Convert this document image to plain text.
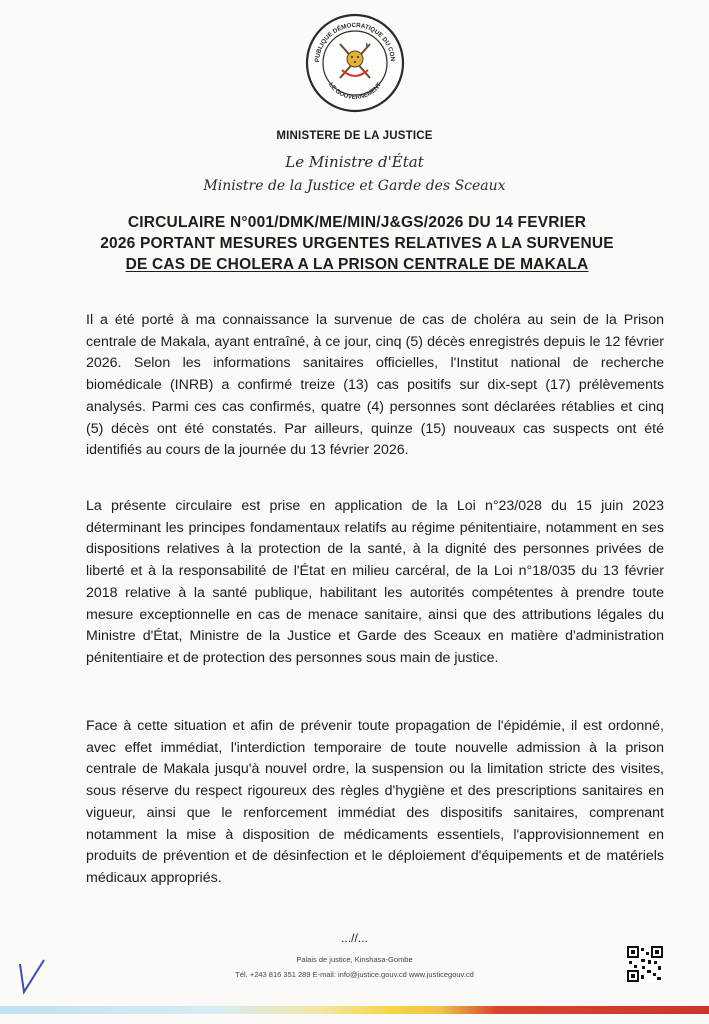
PUBLIQUE DÉMOCRATIQUE DU CON
LE GOUVERNEMENT
MINISTERE DE LA JUSTICE
Le Ministre d'État
Ministre de la Justice et Garde des Sceaux
CIRCULAIRE N°001/DMK/ME/MIN/J&GS/2026 DU 14 FEVRIER
2026 PORTANT MESURES URGENTES RELATIVES A LA SURVENUE
DE CAS DE CHOLERA A LA PRISON CENTRALE DE MAKALA
Il a été porté à ma connaissance la survenue de cas de choléra au sein de la Prison centrale de Makala, ayant entraîné, à ce jour, cinq (5) décès enregistrés depuis le 12 février 2026. Selon les informations sanitaires officielles, l'Institut national de recherche biomédicale (INRB) a confirmé treize (13) cas positifs sur dix-sept (17) prélèvements analysés. Parmi ces cas confirmés, quatre (4) personnes sont déclarées rétablies et cinq (5) décès ont été constatés. Par ailleurs, quinze (15) nouveaux cas suspects ont été identifiés au cours de la journée du 13 février 2026.
La présente circulaire est prise en application de la Loi n°23/028 du 15 juin 2023 déterminant les principes fondamentaux relatifs au régime pénitentiaire, notamment en ses dispositions relatives à la protection de la santé, à la dignité des personnes privées de liberté et à la responsabilité de l'État en milieu carcéral, de la Loi n°18/035 du 13 février 2018 relative à la santé publique, habilitant les autorités compétentes à prendre toute mesure exceptionnelle en cas de menace sanitaire, ainsi que des attributions légales du Ministre d'État, Ministre de la Justice et Garde des Sceaux en matière d'administration pénitentiaire et de protection des personnes sous main de justice.
Face à cette situation et afin de prévenir toute propagation de l'épidémie, il est ordonné, avec effet immédiat, l'interdiction temporaire de toute nouvelle admission à la prison centrale de Makala jusqu'à nouvel ordre, la suspension ou la limitation stricte des visites, sous réserve du respect rigoureux des règles d'hygiène et des prescriptions sanitaires en vigueur, ainsi que le renforcement immédiat des dispositifs sanitaires, comprenant notamment la mise à disposition de médicaments essentiels, l'approvisionnement en produits de prévention et de désinfection et le déploiement d'équipements et de matériels médicaux appropriés.
...//...
Palais de justice, Kinshasa-Gombe
Tél. +243 816 351 289 E-mail: info@justice.gouv.cd www.justicegouv.cd
